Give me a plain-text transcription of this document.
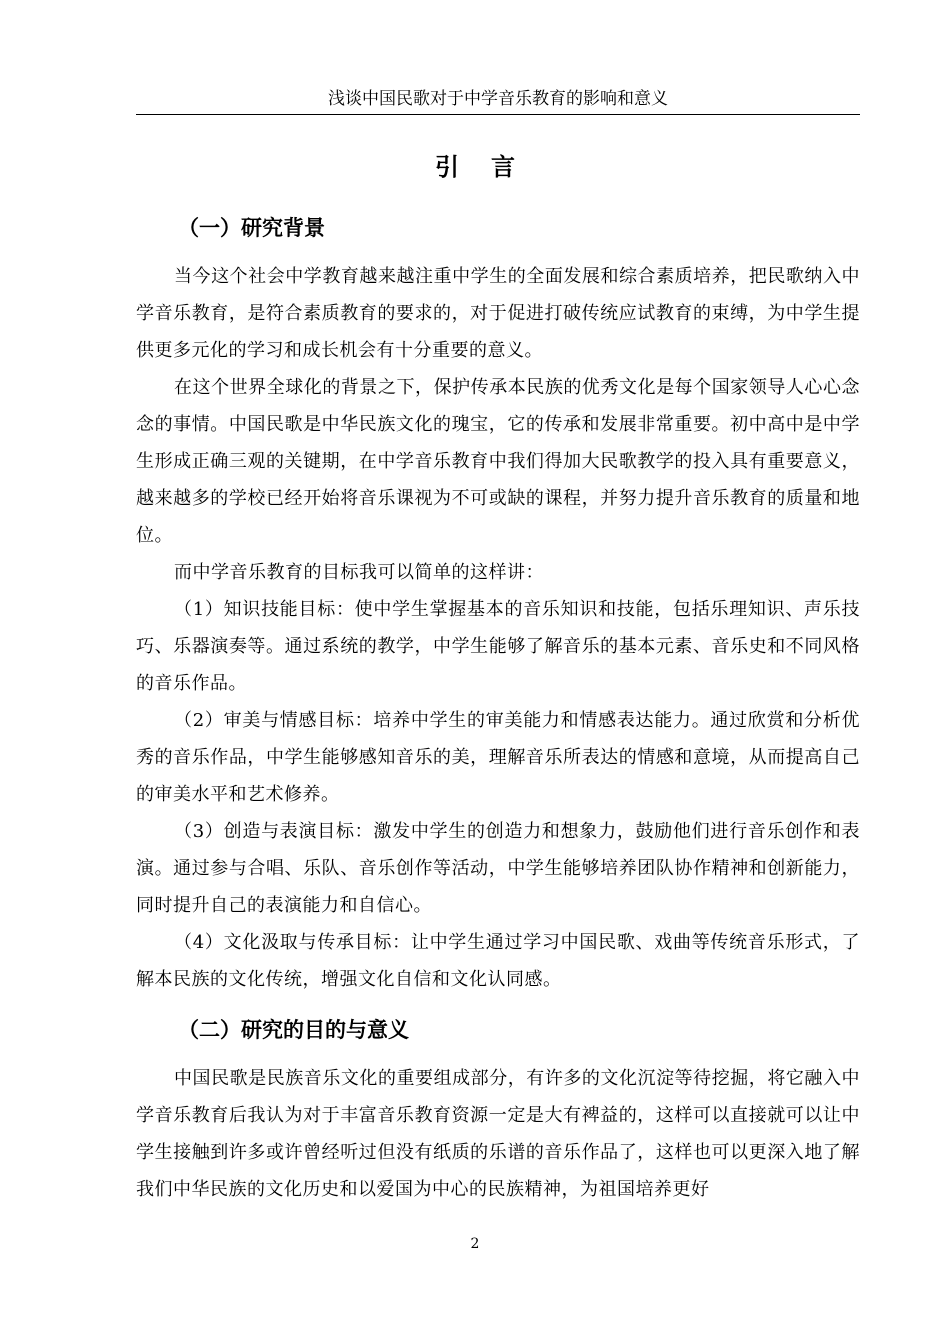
浅谈中国民歌对于中学音乐教育的影响和意义
引言
（一）研究背景

当今这个社会中学教育越来越注重中学生的全面发展和综合素质培养，把民歌纳入中学音乐教育，是符合素质教育的要求的，对于促进打破传统应试教育的束缚，为中学生提供更多元化的学习和成长机会有十分重要的意义。

在这个世界全球化的背景之下，保护传承本民族的优秀文化是每个国家领导人心心念念的事情。中国民歌是中华民族文化的瑰宝，它的传承和发展非常重要。初中高中是中学生形成正确三观的关键期，在中学音乐教育中我们得加大民歌教学的投入具有重要意义，越来越多的学校已经开始将音乐课视为不可或缺的课程，并努力提升音乐教育的质量和地位。

而中学音乐教育的目标我可以简单的这样讲：

（1）知识技能目标：使中学生掌握基本的音乐知识和技能，包括乐理知识、声乐技巧、乐器演奏等。通过系统的教学，中学生能够了解音乐的基本元素、音乐史和不同风格的音乐作品。

（2）审美与情感目标：培养中学生的审美能力和情感表达能力。通过欣赏和分析优秀的音乐作品，中学生能够感知音乐的美，理解音乐所表达的情感和意境，从而提高自己的审美水平和艺术修养。

（3）创造与表演目标：激发中学生的创造力和想象力，鼓励他们进行音乐创作和表演。通过参与合唱、乐队、音乐创作等活动，中学生能够培养团队协作精神和创新能力，同时提升自己的表演能力和自信心。

（4）文化汲取与传承目标：让中学生通过学习中国民歌、戏曲等传统音乐形式，了解本民族的文化传统，增强文化自信和文化认同感。

（二）研究的目的与意义

中国民歌是民族音乐文化的重要组成部分，有许多的文化沉淀等待挖掘，将它融入中学音乐教育后我认为对于丰富音乐教育资源一定是大有裨益的，这样可以直接就可以让中学生接触到许多或许曾经听过但没有纸质的乐谱的音乐作品了，这样也可以更深入地了解我们中华民族的文化历史和以爱国为中心的民族精神，为祖国培养更好

2
